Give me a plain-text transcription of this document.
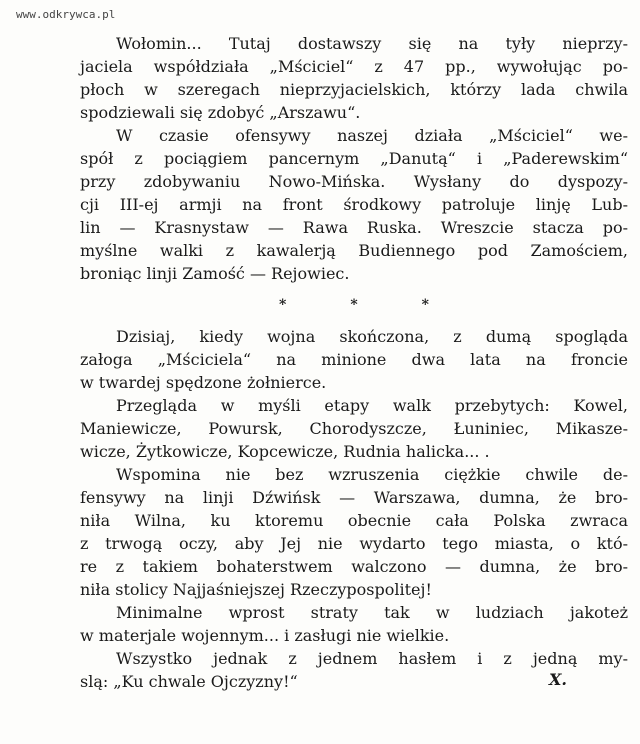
www.odkrywca.pl
Wołomin... Tutaj dostawszy się na tyły nieprzy-
jaciela współdziała „Mściciel“ z 47 pp., wywołując po-
płoch w szeregach nieprzyjacielskich, którzy lada chwila
spodziewali się zdobyć „Arszawu“.
W czasie ofensywy naszej działa „Mściciel“ we-
spół z pociągiem pancernym „Danutą“ i „Paderewskim“
przy zdobywaniu Nowo-Mińska. Wysłany do dyspozy-
cji III-ej armji na front środkowy patroluje linję Lub-
lin — Krasnystaw — Rawa Ruska. Wreszcie stacza po-
myślne walki z kawalerją Budiennego pod Zamościem,
broniąc linji Zamość — Rejowiec.
*	*	*
Dzisiaj, kiedy wojna skończona, z dumą spogląda
załoga „Mściciela“ na minione dwa lata na froncie
w twardej spędzone żołnierce.
Przegląda w myśli etapy walk przebytych: Kowel,
Maniewicze, Powursk, Chorodyszcze, Łuniniec, Mikasze-
wicze, Żytkowicze, Kopcewicze, Rudnia halicka... .
Wspomina nie bez wzruszenia ciężkie chwile de-
fensywy na linji Dźwińsk — Warszawa, dumna, że bro-
niła Wilna, ku ktoremu obecnie cała Polska zwraca
z trwogą oczy, aby Jej nie wydarto tego miasta, o któ-
re z takiem bohaterstwem walczono — dumna, że bro-
niła stolicy Najjaśniejszej Rzeczypospolitej!
Minimalne wprost straty tak w ludziach jakoteż
w materjale wojennym... i zasługi nie wielkie.
Wszystko jednak z jednem hasłem i z jedną my-
slą: „Ku chwale Ojczyzny!“	X.
